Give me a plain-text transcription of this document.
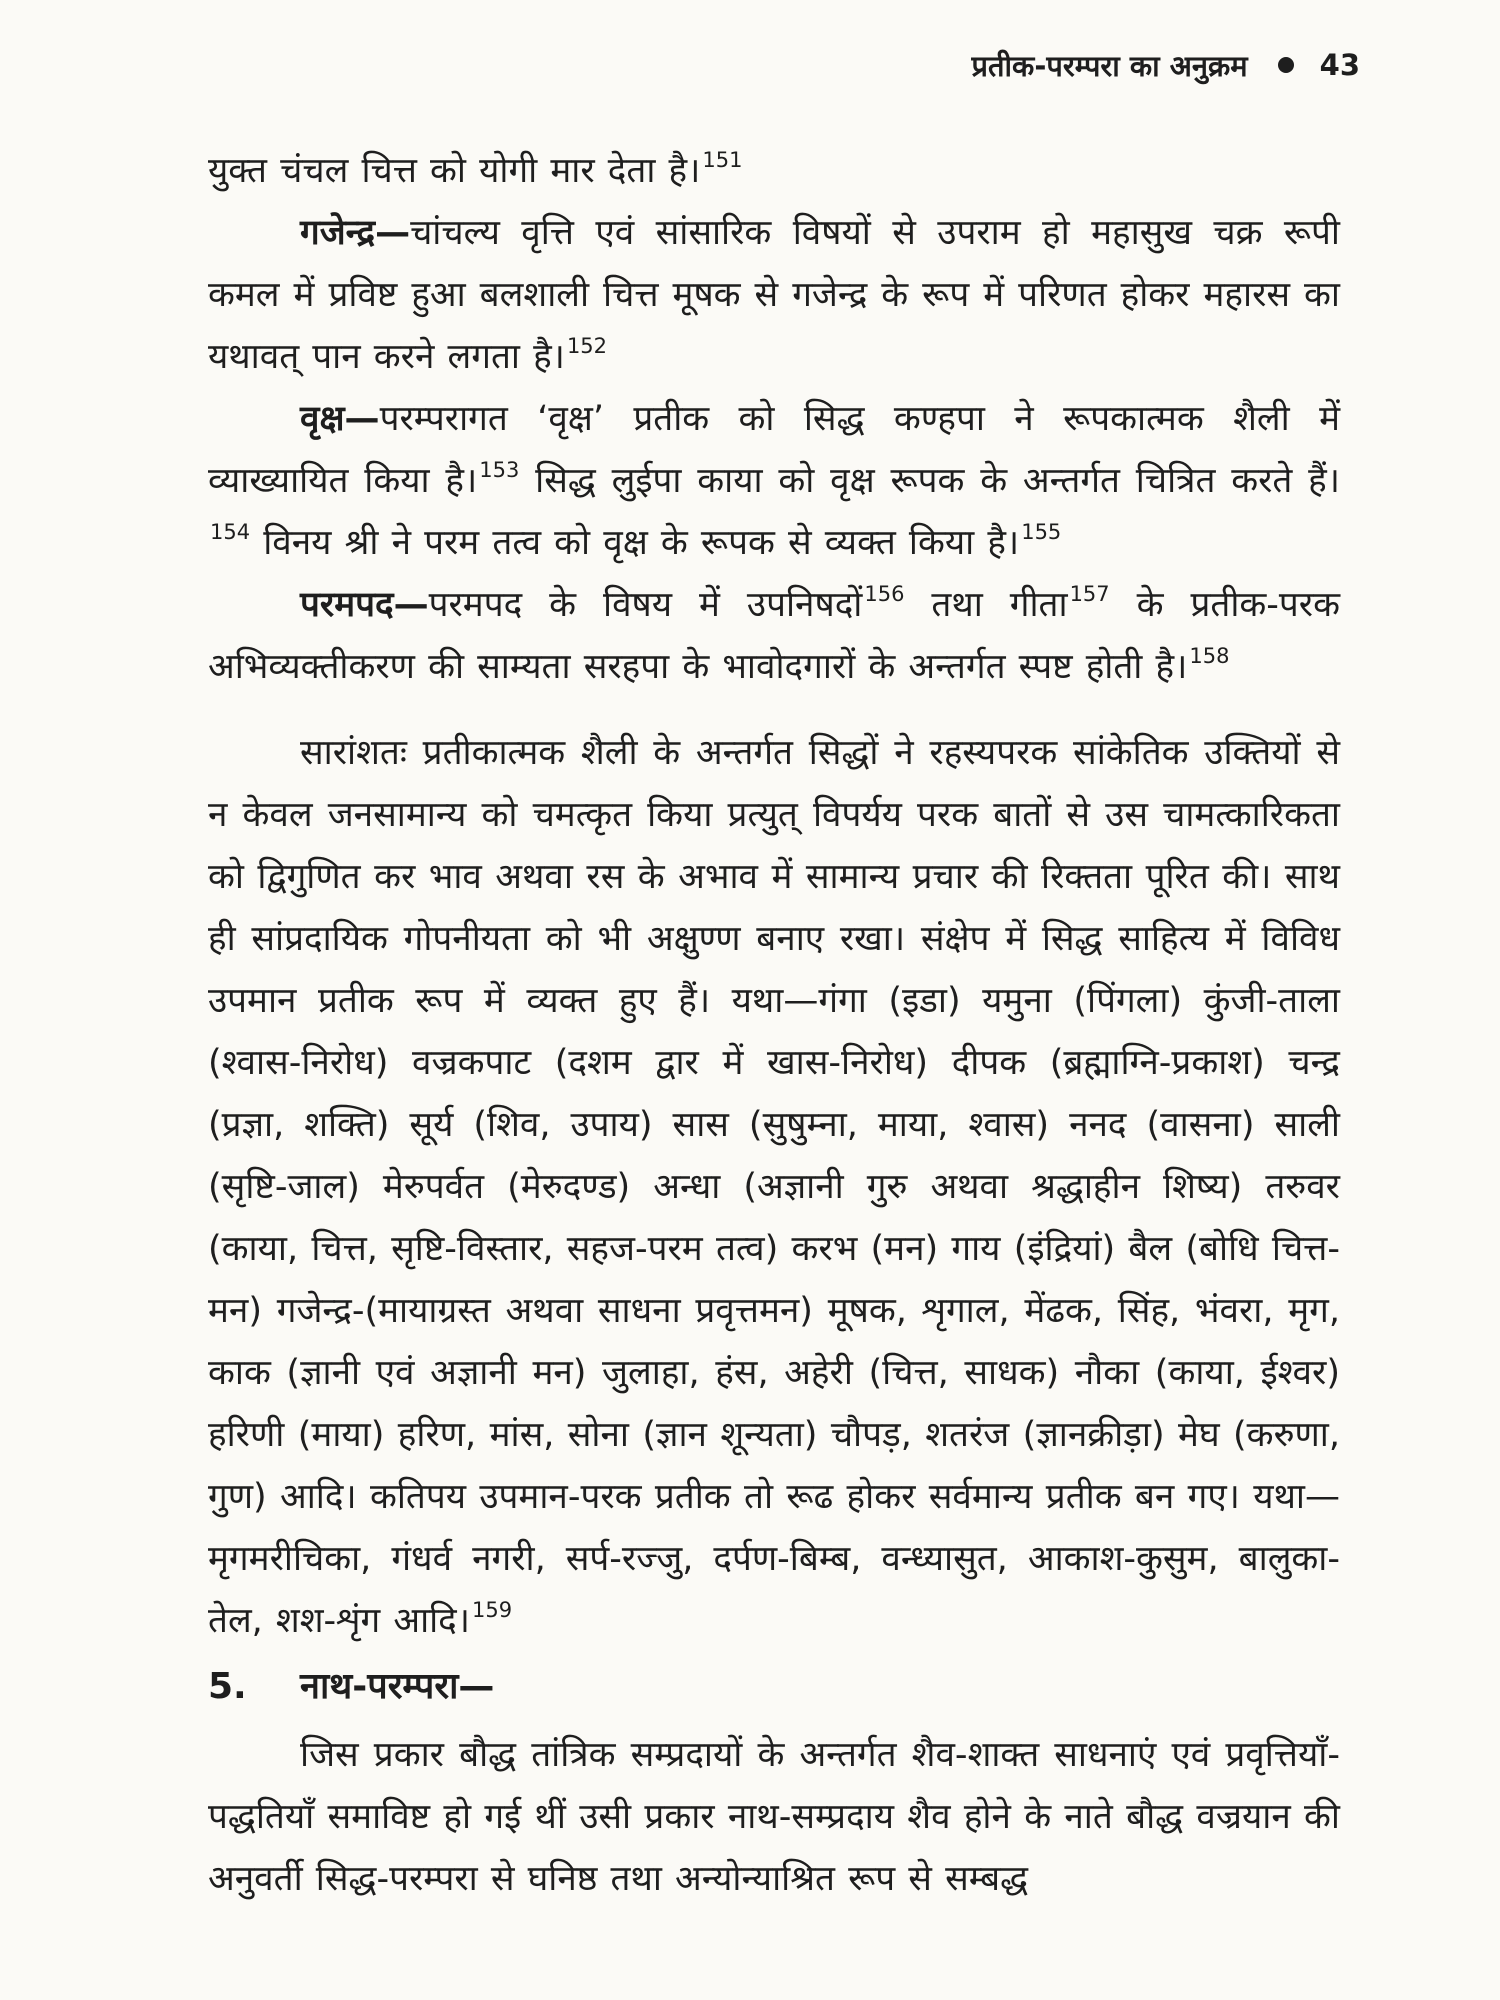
प्रतीक-परम्परा का अनुक्रम 43

युक्त चंचल चित्त को योगी मार देता है।$^{151}$

गजेन्द्र—चांचल्य वृत्ति एवं सांसारिक विषयों से उपराम हो महासुख चक्र रूपी कमल में प्रविष्ट हुआ बलशाली चित्त मूषक से गजेन्द्र के रूप में परिणत होकर महारस का यथावत् पान करने लगता है।$^{152}$

वृक्ष—परम्परागत ‘वृक्ष’ प्रतीक को सिद्ध कण्हपा ने रूपकात्मक शैली में व्याख्यायित किया है।$^{153}$ सिद्ध लुईपा काया को वृक्ष रूपक के अन्तर्गत चित्रित करते हैं।$^{154}$ विनय श्री ने परम तत्व को वृक्ष के रूपक से व्यक्त किया है।$^{155}$

परमपद—परमपद के विषय में उपनिषदों$^{156}$ तथा गीता$^{157}$ के प्रतीक-परक अभिव्यक्तीकरण की साम्यता सरहपा के भावोदगारों के अन्तर्गत स्पष्ट होती है।$^{158}$

सारांशतः प्रतीकात्मक शैली के अन्तर्गत सिद्धों ने रहस्यपरक सांकेतिक उक्तियों से न केवल जनसामान्य को चमत्कृत किया प्रत्युत् विपर्यय परक बातों से उस चामत्कारिकता को द्विगुणित कर भाव अथवा रस के अभाव में सामान्य प्रचार की रिक्तता पूरित की। साथ ही सांप्रदायिक गोपनीयता को भी अक्षुण्ण बनाए रखा। संक्षेप में सिद्ध साहित्य में विविध उपमान प्रतीक रूप में व्यक्त हुए हैं। यथा—गंगा (इडा) यमुना (पिंगला) कुंजी-ताला (श्वास-निरोध) वज्रकपाट (दशम द्वार में खास-निरोध) दीपक (ब्रह्माग्नि-प्रकाश) चन्द्र (प्रज्ञा, शक्ति) सूर्य (शिव, उपाय) सास (सुषुम्ना, माया, श्वास) ननद (वासना) साली (सृष्टि-जाल) मेरुपर्वत (मेरुदण्ड) अन्धा (अज्ञानी गुरु अथवा श्रद्धाहीन शिष्य) तरुवर (काया, चित्त, सृष्टि-विस्तार, सहज-परम तत्व) करभ (मन) गाय (इंद्रियां) बैल (बोधि चित्त-मन) गजेन्द्र-(मायाग्रस्त अथवा साधना प्रवृत्तमन) मूषक, शृगाल, मेंढक, सिंह, भंवरा, मृग, काक (ज्ञानी एवं अज्ञानी मन) जुलाहा, हंस, अहेरी (चित्त, साधक) नौका (काया, ईश्वर) हरिणी (माया) हरिण, मांस, सोना (ज्ञान शून्यता) चौपड़, शतरंज (ज्ञानक्रीड़ा) मेघ (करुणा, गुण) आदि। कतिपय उपमान-परक प्रतीक तो रूढ होकर सर्वमान्य प्रतीक बन गए। यथा—मृगमरीचिका, गंधर्व नगरी, सर्प-रज्जु, दर्पण-बिम्ब, वन्ध्यासुत, आकाश-कुसुम, बालुका-तेल, शश-शृंग आदि।$^{159}$

5. नाथ-परम्परा—

जिस प्रकार बौद्ध तांत्रिक सम्प्रदायों के अन्तर्गत शैव-शाक्त साधनाएं एवं प्रवृत्तियाँ-पद्धतियाँ समाविष्ट हो गई थीं उसी प्रकार नाथ-सम्प्रदाय शैव होने के नाते बौद्ध वज्रयान की अनुवर्ती सिद्ध-परम्परा से घनिष्ठ तथा अन्योन्याश्रित रूप से सम्बद्ध
